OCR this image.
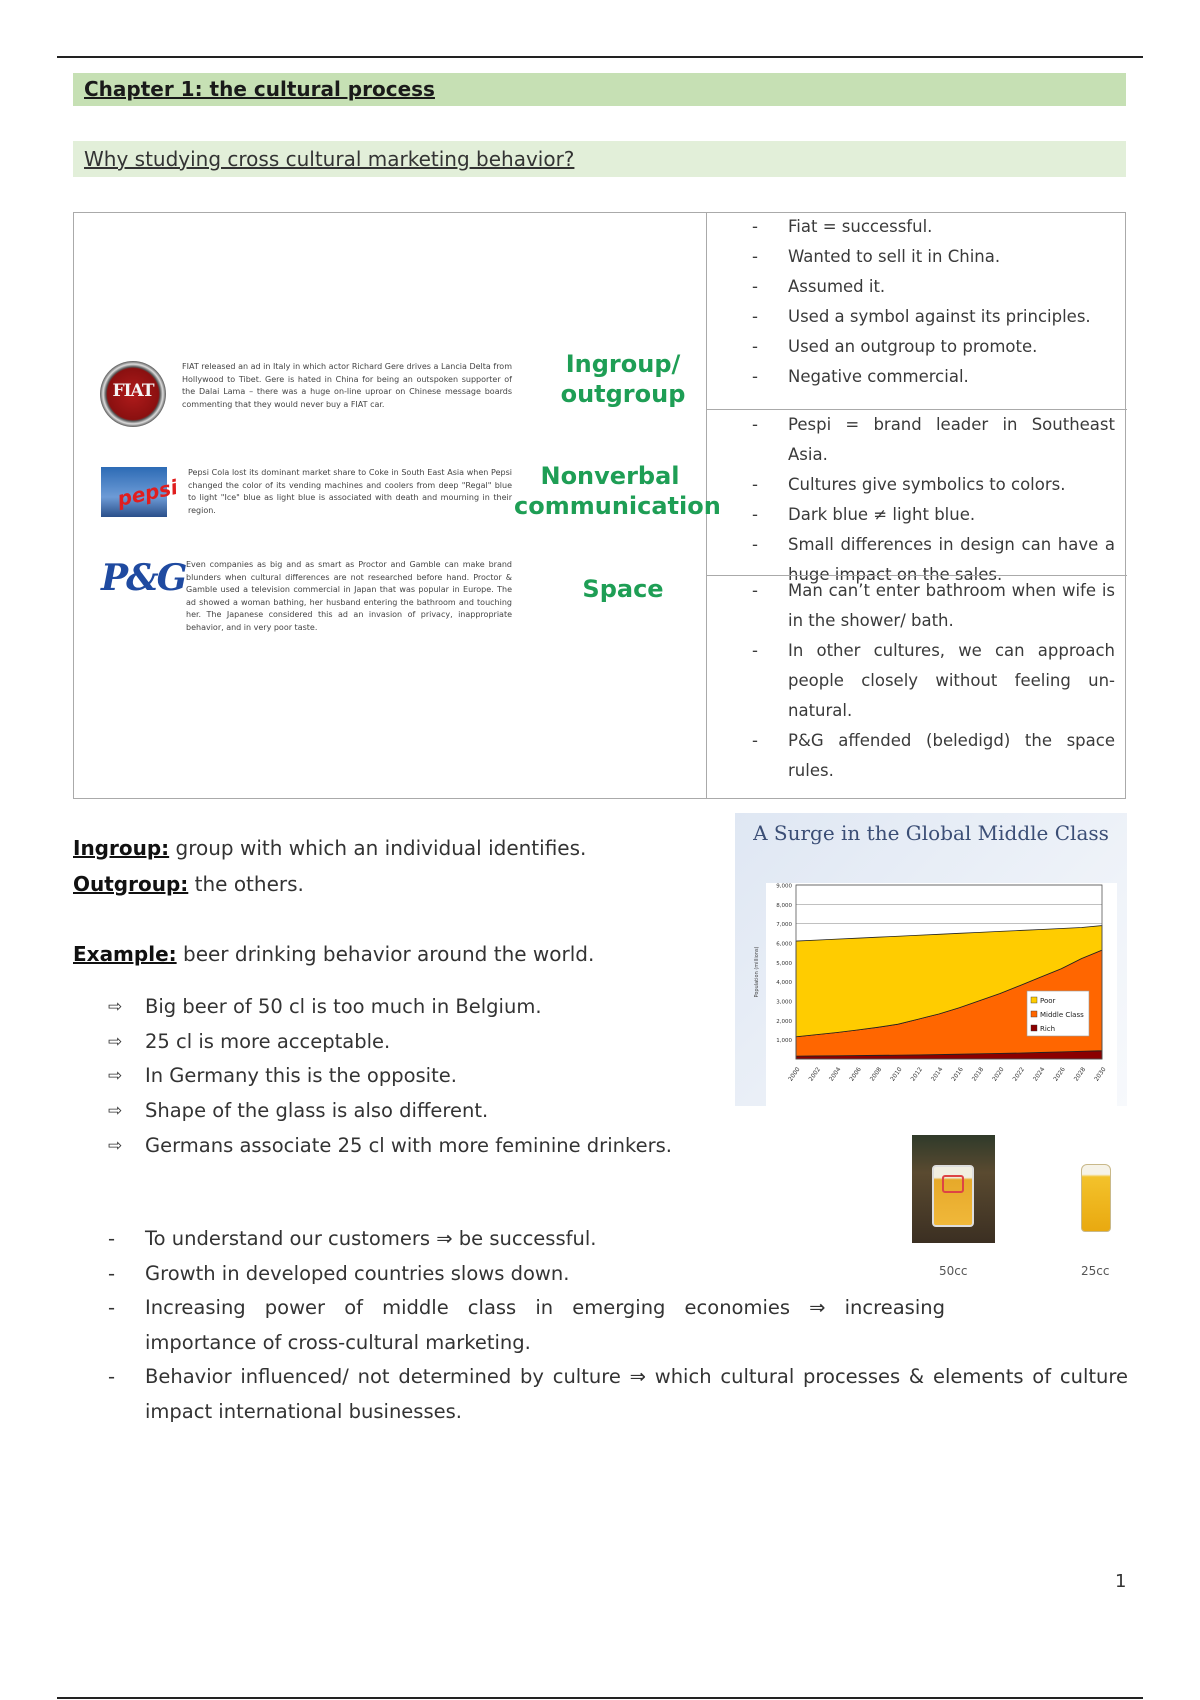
Chapter 1: the cultural process
Why studying cross cultural marketing behavior?
FIAT
FIAT released an ad in Italy in which actor Richard Gere drives a Lancia Delta from Hollywood to Tibet. Gere is hated in China for being an outspoken supporter of the Dalai Lama – there was a huge on-line uproar on Chinese message boards commenting that they would never buy a FIAT car.
Ingroup/ outgroup
pepsi
Pepsi Cola lost its dominant market share to Coke in South East Asia when Pepsi changed the color of its vending machines and coolers from deep "Regal" blue to light "Ice" blue as light blue is associated with death and mourning in their region.
Nonverbal communication
P&G Even companies as big and as smart as Proctor and Gamble can make brand blunders when cultural differences are not researched before hand. Proctor & Gamble used a television commercial in Japan that was popular in Europe. The ad showed a woman bathing, her husband entering the bathroom and touching her. The Japanese considered this ad an invasion of privacy, inappropriate behavior, and in very poor taste.
Space
- Fiat = successful.
- Wanted to sell it in China.
- Assumed it.
- Used a symbol against its principles.
- Used an outgroup to promote.
- Negative commercial.
- Pespi = brand leader in Southeast Asia.
- Cultures give symbolics to colors.
- Dark blue ≠ light blue.
- Small differences in design can have a huge impact on the sales.
- Man can’t enter bathroom when wife is in the shower/ bath.
- In other cultures, we can approach people closely without feeling un-natural.
- P&G affended (beledigd) the space rules.
Ingroup: group with which an individual identifies.
Outgroup: the others.
Example: beer drinking behavior around the world.
⇨ Big beer of 50 cl is too much in Belgium.
⇨ 25 cl is more acceptable.
⇨ In Germany this is the opposite.
⇨ Shape of the glass is also different.
⇨ Germans associate 25 cl with more feminine drinkers.
A Surge in the Global Middle Class
9,000
8,000
7,000
6,000
5,000
4,000
3,000
2,000
1,000
Population (millions)
2000 2002 2004 2006 2008 2010 2012 2014 2016 2018 2020 2022 2024 2026 2028 2030
Poor
Middle Class
Rich
50cc	25cc
- To understand our customers ⇒ be successful.
- Growth in developed countries slows down.
- Increasing power of middle class in emerging economies ⇒ increasing importance of cross-cultural marketing.
- Behavior influenced/ not determined by culture ⇒ which cultural processes & elements of culture impact international businesses.
1
